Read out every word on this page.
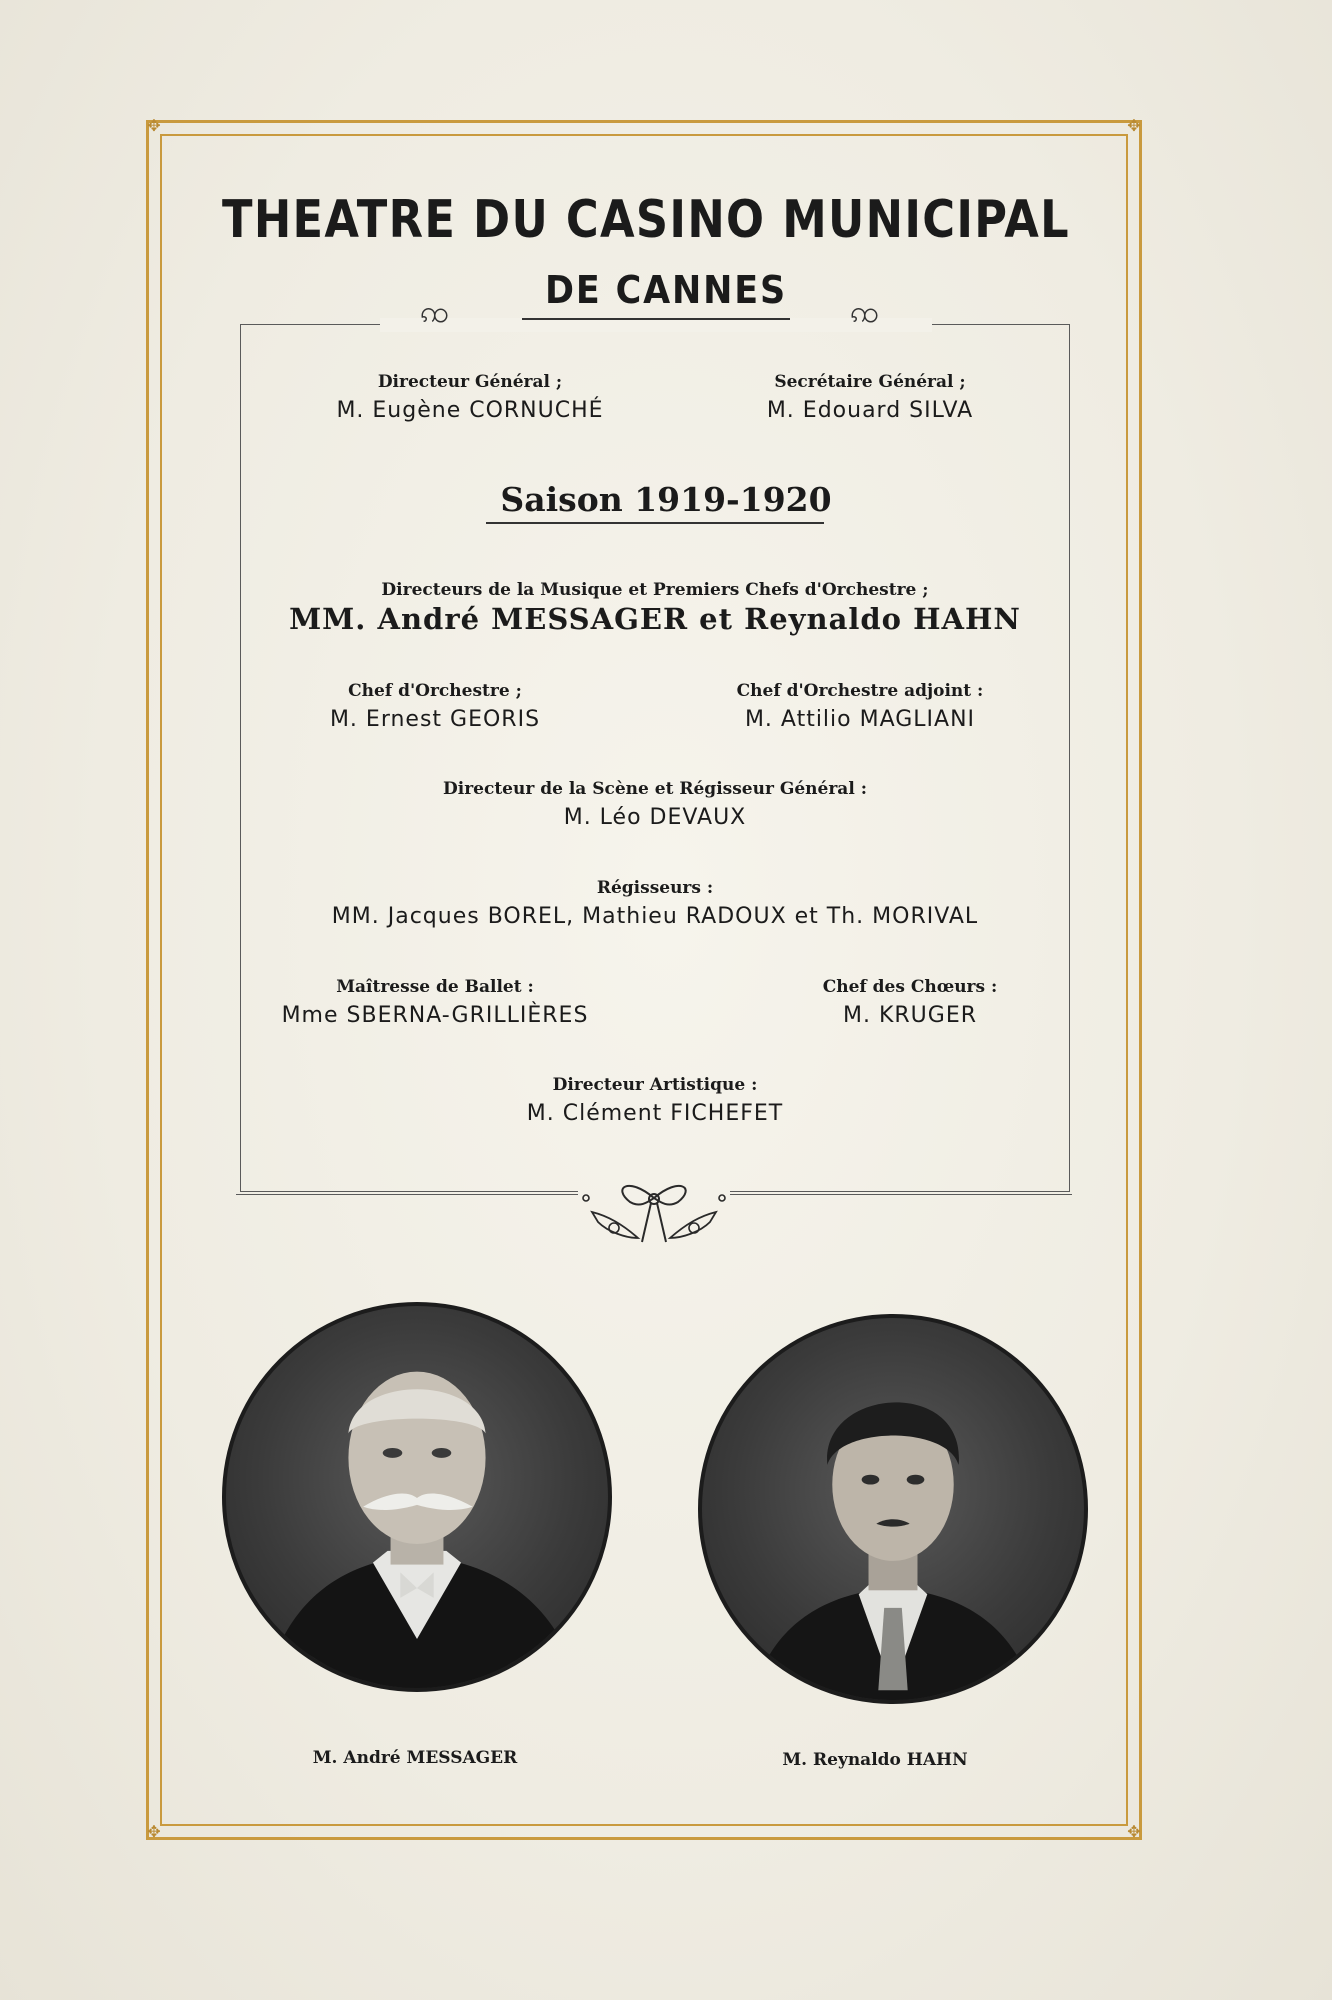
✥	✥
✥	✥
THEATRE DU CASINO MUNICIPAL
ꩡ
DE CANNES
ꩡ
Directeur Général ;
M. Eugène CORNUCHÉ
Secrétaire Général ;
M. Edouard SILVA
Saison 1919-1920
Directeurs de la Musique et Premiers Chefs d'Orchestre ;
MM. André MESSAGER et Reynaldo HAHN
Chef d'Orchestre ;
M. Ernest GEORIS
Chef d'Orchestre adjoint :
M. Attilio MAGLIANI
Directeur de la Scène et Régisseur Général :
M. Léo DEVAUX
Régisseurs :
MM. Jacques BOREL, Mathieu RADOUX et Th. MORIVAL
Maîtresse de Ballet :
Mme SBERNA-GRILLIÈRES
Chef des Chœurs :
M. KRUGER
Directeur Artistique :
M. Clément FICHEFET
M. André MESSAGER	M. Reynaldo HAHN
